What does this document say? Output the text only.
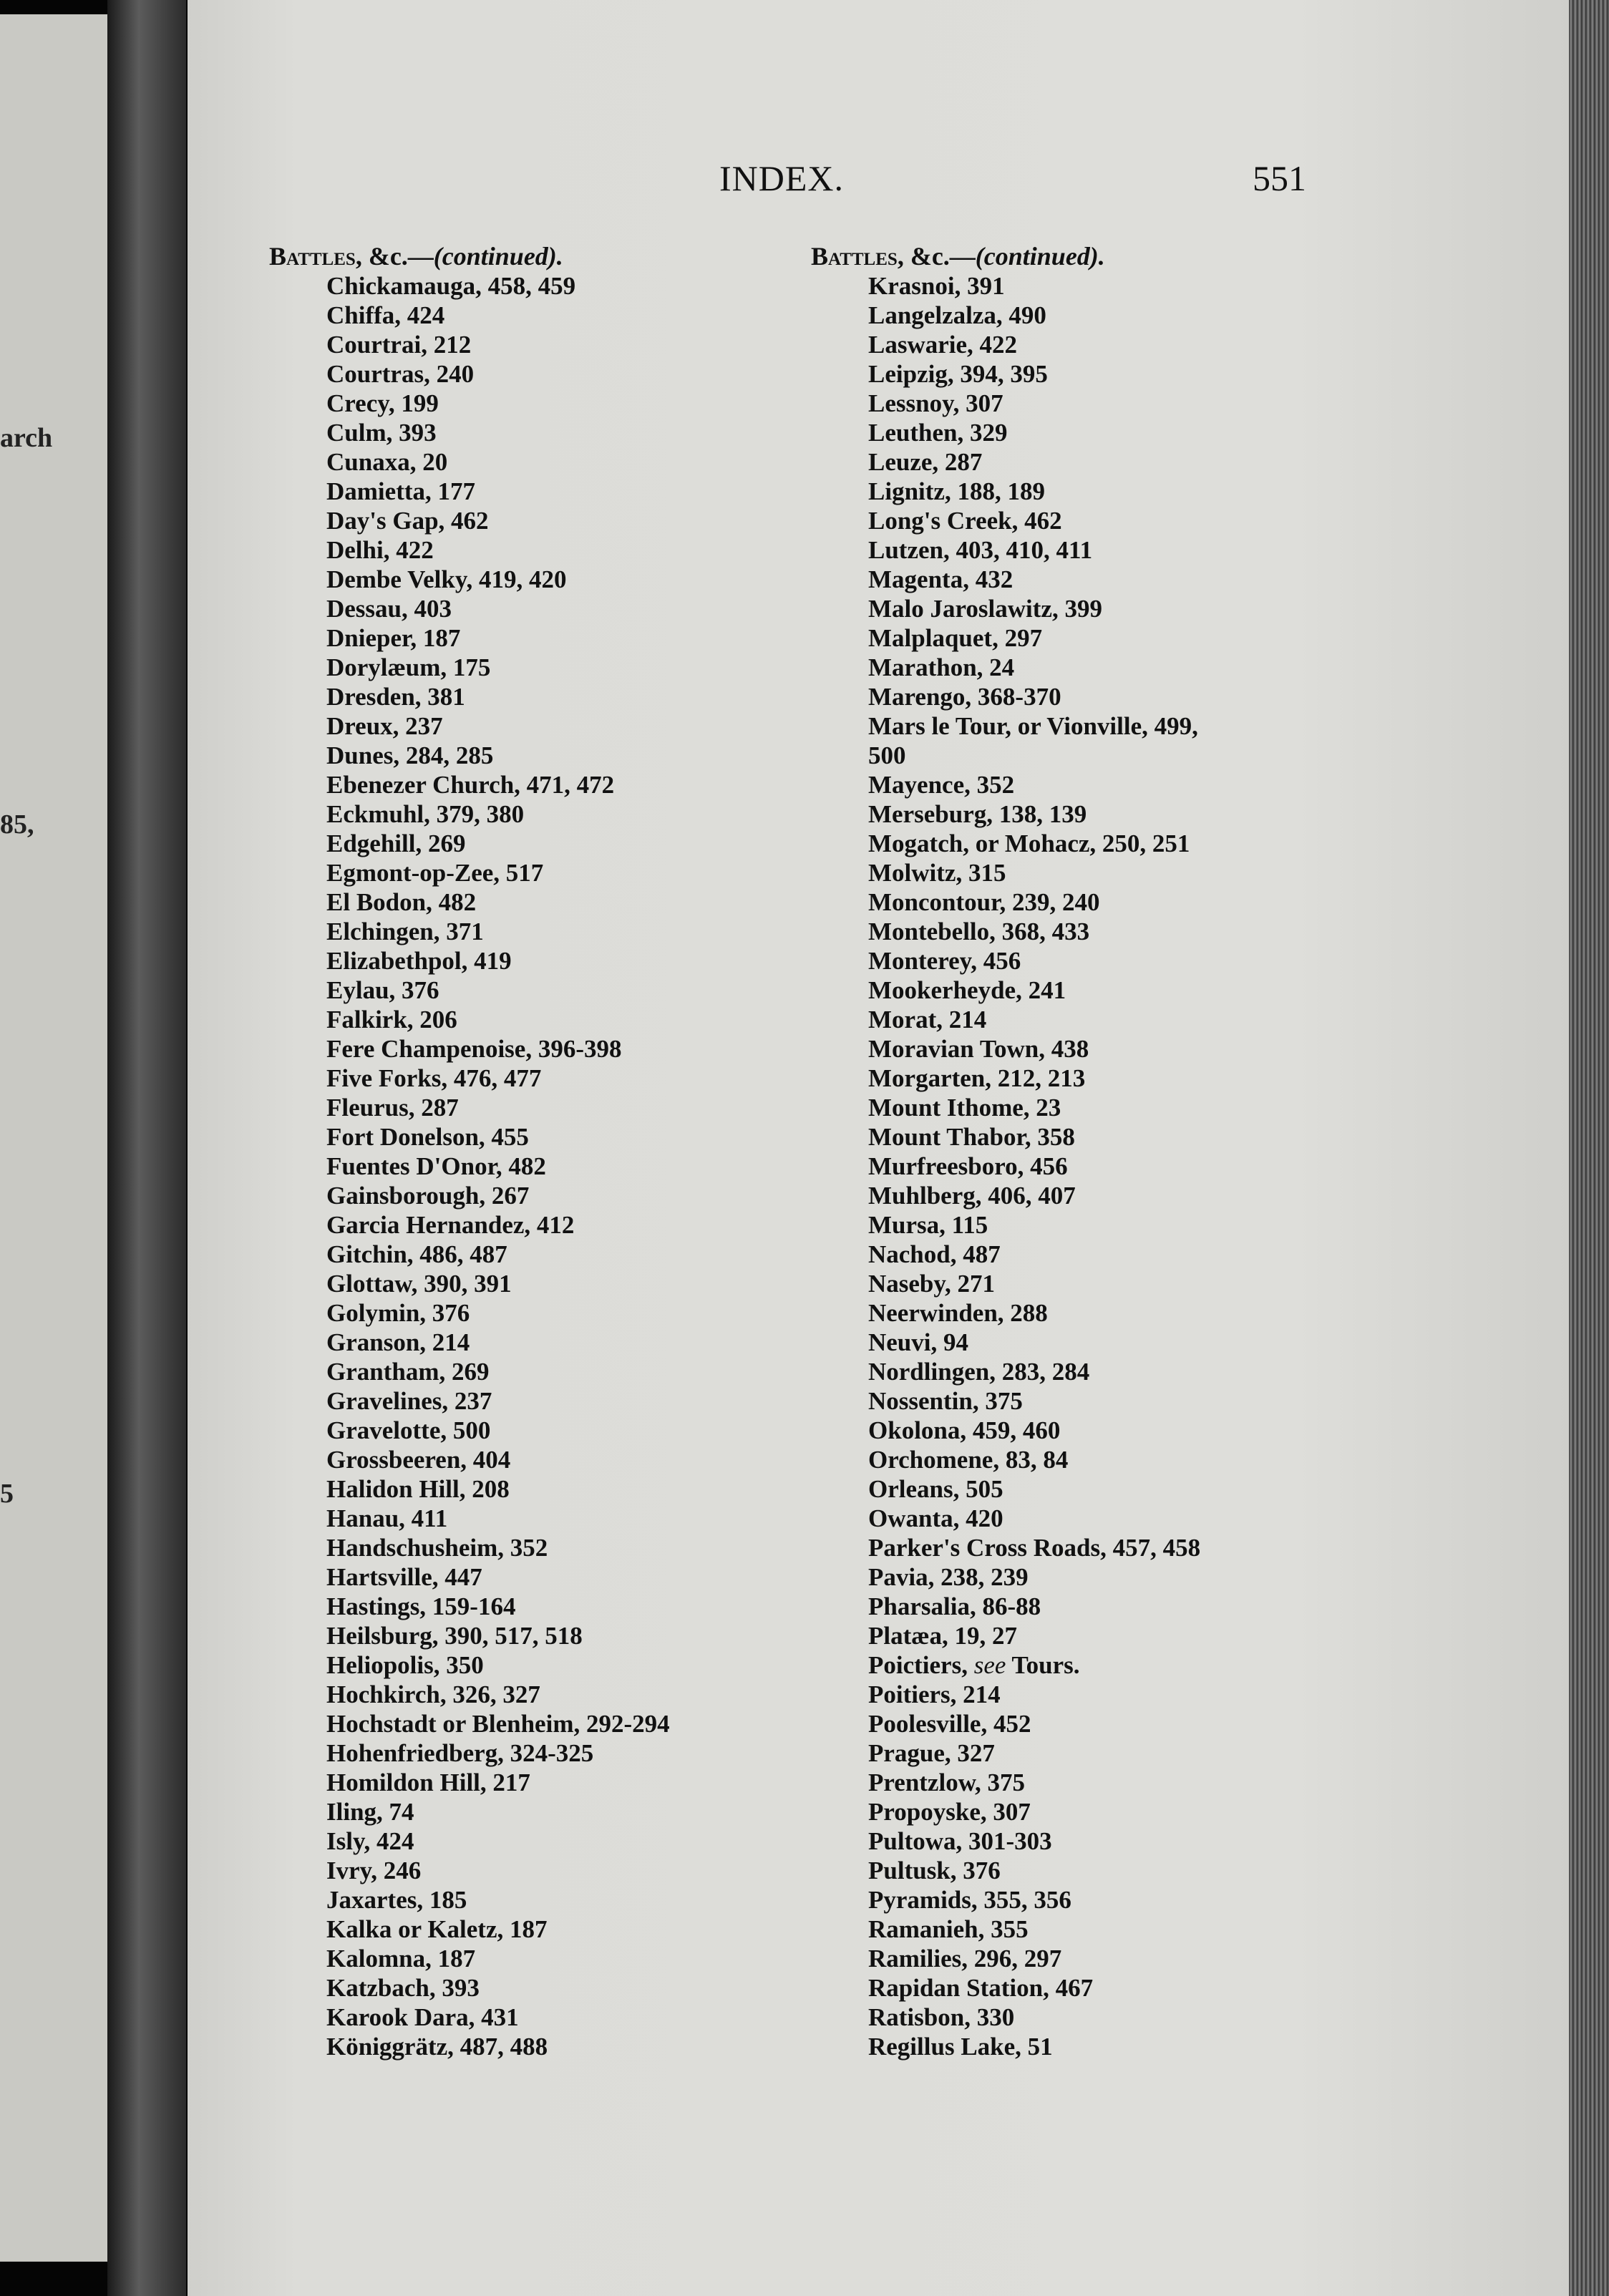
arch
85,
5
INDEX.	551
Battles, &c.—(continued).
Chickamauga, 458, 459
Chiffa, 424
Courtrai, 212
Courtras, 240
Crecy, 199
Culm, 393
Cunaxa, 20
Damietta, 177
Day's Gap, 462
Delhi, 422
Dembe Velky, 419, 420
Dessau, 403
Dnieper, 187
Dorylæum, 175
Dresden, 381
Dreux, 237
Dunes, 284, 285
Ebenezer Church, 471, 472
Eckmuhl, 379, 380
Edgehill, 269
Egmont-op-Zee, 517
El Bodon, 482
Elchingen, 371
Elizabethpol, 419
Eylau, 376
Falkirk, 206
Fere Champenoise, 396-398
Five Forks, 476, 477
Fleurus, 287
Fort Donelson, 455
Fuentes D'Onor, 482
Gainsborough, 267
Garcia Hernandez, 412
Gitchin, 486, 487
Glottaw, 390, 391
Golymin, 376
Granson, 214
Grantham, 269
Gravelines, 237
Gravelotte, 500
Grossbeeren, 404
Halidon Hill, 208
Hanau, 411
Handschusheim, 352
Hartsville, 447
Hastings, 159-164
Heilsburg, 390, 517, 518
Heliopolis, 350
Hochkirch, 326, 327
Hochstadt or Blenheim, 292-294
Hohenfriedberg, 324-325
Homildon Hill, 217
Iling, 74
Isly, 424
Ivry, 246
Jaxartes, 185
Kalka or Kaletz, 187
Kalomna, 187
Katzbach, 393
Karook Dara, 431
Königgrätz, 487, 488
Battles, &c.—(continued).
Krasnoi, 391
Langelzalza, 490
Laswarie, 422
Leipzig, 394, 395
Lessnoy, 307
Leuthen, 329
Leuze, 287
Lignitz, 188, 189
Long's Creek, 462
Lutzen, 403, 410, 411
Magenta, 432
Malo Jaroslawitz, 399
Malplaquet, 297
Marathon, 24
Marengo, 368-370
Mars le Tour, or Vionville, 499,
500
Mayence, 352
Merseburg, 138, 139
Mogatch, or Mohacz, 250, 251
Molwitz, 315
Moncontour, 239, 240
Montebello, 368, 433
Monterey, 456
Mookerheyde, 241
Morat, 214
Moravian Town, 438
Morgarten, 212, 213
Mount Ithome, 23
Mount Thabor, 358
Murfreesboro, 456
Muhlberg, 406, 407
Mursa, 115
Nachod, 487
Naseby, 271
Neerwinden, 288
Neuvi, 94
Nordlingen, 283, 284
Nossentin, 375
Okolona, 459, 460
Orchomene, 83, 84
Orleans, 505
Owanta, 420
Parker's Cross Roads, 457, 458
Pavia, 238, 239
Pharsalia, 86-88
Platæa, 19, 27
Poictiers, see Tours.
Poitiers, 214
Poolesville, 452
Prague, 327
Prentzlow, 375
Propoyske, 307
Pultowa, 301-303
Pultusk, 376
Pyramids, 355, 356
Ramanieh, 355
Ramilies, 296, 297
Rapidan Station, 467
Ratisbon, 330
Regillus Lake, 51
